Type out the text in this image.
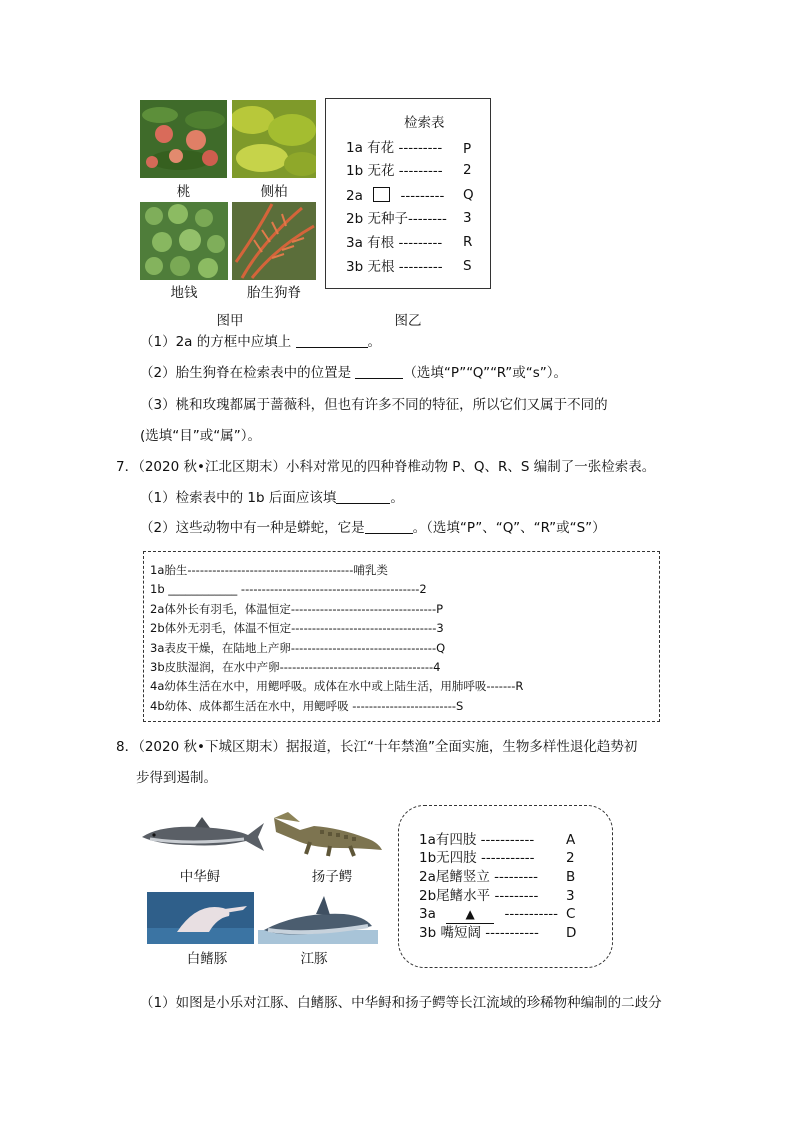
桃	侧柏
地钱	胎生狗脊
图甲
检索表
1a 有花 --------- P
1b 无花 --------- 2
2a	--------- Q
2b 无种子-------- 3
3a 有根 --------- R
3b 无根 --------- S
图乙
（1）2a 的方框中应填上	。
（2）胎生狗脊在检索表中的位置是	（选填“P”“Q”“R”或“s”）。
（3）桃和玫瑰都属于蔷薇科，但也有许多不同的特征，所以它们又属于不同的
(选填“目”或“属”）。
7．（2020 秋•江北区期末）小科对常见的四种脊椎动物 P、Q、R、S 编制了一张检索表。
（1）检索表中的 1b 后面应该填	。
（2）这些动物中有一种是蟒蛇，它是	。（选填“P”、“Q”、“R”或“S”）
1a胎生----------------------------------------哺乳类
1b ____________ -------------------------------------------2
2a体外长有羽毛，体温恒定-----------------------------------P
2b体外无羽毛，体温不恒定-----------------------------------3
3a表皮干燥，在陆地上产卵-----------------------------------Q
3b皮肤湿润，在水中产卵-------------------------------------4
4a幼体生活在水中，用鳃呼吸。成体在水中或上陆生活，用肺呼吸-------R
4b幼体、成体都生活在水中，用鳃呼吸 -------------------------S
8．（2020 秋•下城区期末）据报道，长江“十年禁渔”全面实施，生物多样性退化趋势初
步得到遏制。
中华鲟	扬子鳄
白鳍豚	江豚
1a有四肢 ----------- A
1b无四肢 ----------- 2
2a尾鳍竖立 --------- B
2b尾鳍水平 --------- 3
3a ▲ ----------- C
3b 嘴短阔 ----------- D
（1）如图是小乐对江豚、白鳍豚、中华鲟和扬子鳄等长江流域的珍稀物种编制的二歧分
